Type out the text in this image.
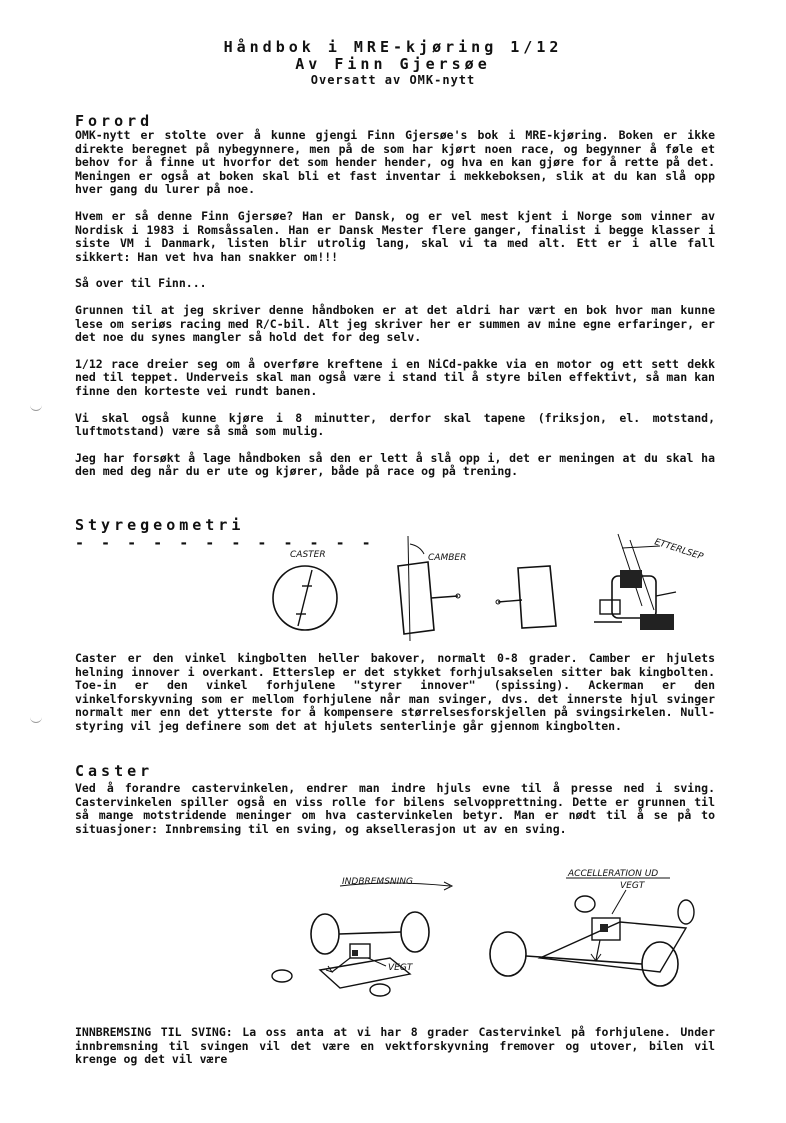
Håndbok i MRE-kjøring 1/12
Av Finn Gjersøe
Oversatt av OMK-nytt
Forord

OMK-nytt er stolte over å kunne gjengi Finn Gjersøe's bok i MRE-kjøring. Boken er ikke direkte beregnet på nybegynnere, men på de som har kjørt noen race, og begynner å føle et behov for å finne ut hvorfor det som hender hender, og hva en kan gjøre for å rette på det. Meningen er også at boken skal bli et fast inventar i mekkeboksen, slik at du kan slå opp hver gang du lurer på noe.

Hvem er så denne Finn Gjersøe? Han er Dansk, og er vel mest kjent i Norge som vinner av Nordisk i 1983 i Romsåssalen. Han er Dansk Mester flere ganger, finalist i begge klasser i siste VM i Danmark, listen blir utrolig lang, skal vi ta med alt. Ett er i alle fall sikkert: Han vet hva han snakker om!!!

Så over til Finn...

Grunnen til at jeg skriver denne håndboken er at det aldri har vært en bok hvor man kunne lese om seriøs racing med R/C-bil. Alt jeg skriver her er summen av mine egne erfaringer, er det noe du synes mangler så hold det for deg selv.

1/12 race dreier seg om å overføre kreftene i en NiCd-pakke via en motor og ett sett dekk ned til teppet. Underveis skal man også være i stand til å styre bilen effektivt, så man kan finne den korteste vei rundt banen.

Vi skal også kunne kjøre i 8 minutter, derfor skal tapene (friksjon, el. motstand, luftmotstand) være så små som mulig.

Jeg har forsøkt å lage håndboken så den er lett å slå opp i, det er meningen at du skal ha den med deg når du er ute og kjører, både på race og på trening.

Styregeometri
- - - - - - - - - - - -
CASTER	CAMBER	ETTERLSEP
Caster er den vinkel kingbolten heller bakover, normalt 0-8 grader. Camber er hjulets helning innover i overkant. Etterslep er det stykket forhjulsakselen sitter bak kingbolten. Toe-in er den vinkel forhjulene "styrer innover" (spissing). Ackerman er den vinkelforskyvning som er mellom forhjulene når man svinger, dvs. det innerste hjul svinger normalt mer enn det ytterste for å kompensere størrelsesforskjellen på svingsirkelen. Null-styring vil jeg definere som det at hjulets senterlinje går gjennom kingbolten.
Caster
Ved å forandre castervinkelen, endrer man indre hjuls evne til å presse ned i sving. Castervinkelen spiller også en viss rolle for bilens selvopprettning. Dette er grunnen til så mange motstridende meninger om hva castervinkelen betyr. Man er nødt til å se på to situasjoner: Innbremsing til en sving, og aksellerasjon ut av en sving.
INDBREMSNING
VEGT
ACCELLERATION UD
VEGT
INNBREMSING TIL SVING: La oss anta at vi har 8 grader Castervinkel på forhjulene. Under innbremsning til svingen vil det være en vektforskyvning fremover og utover, bilen vil krenge og det vil være
